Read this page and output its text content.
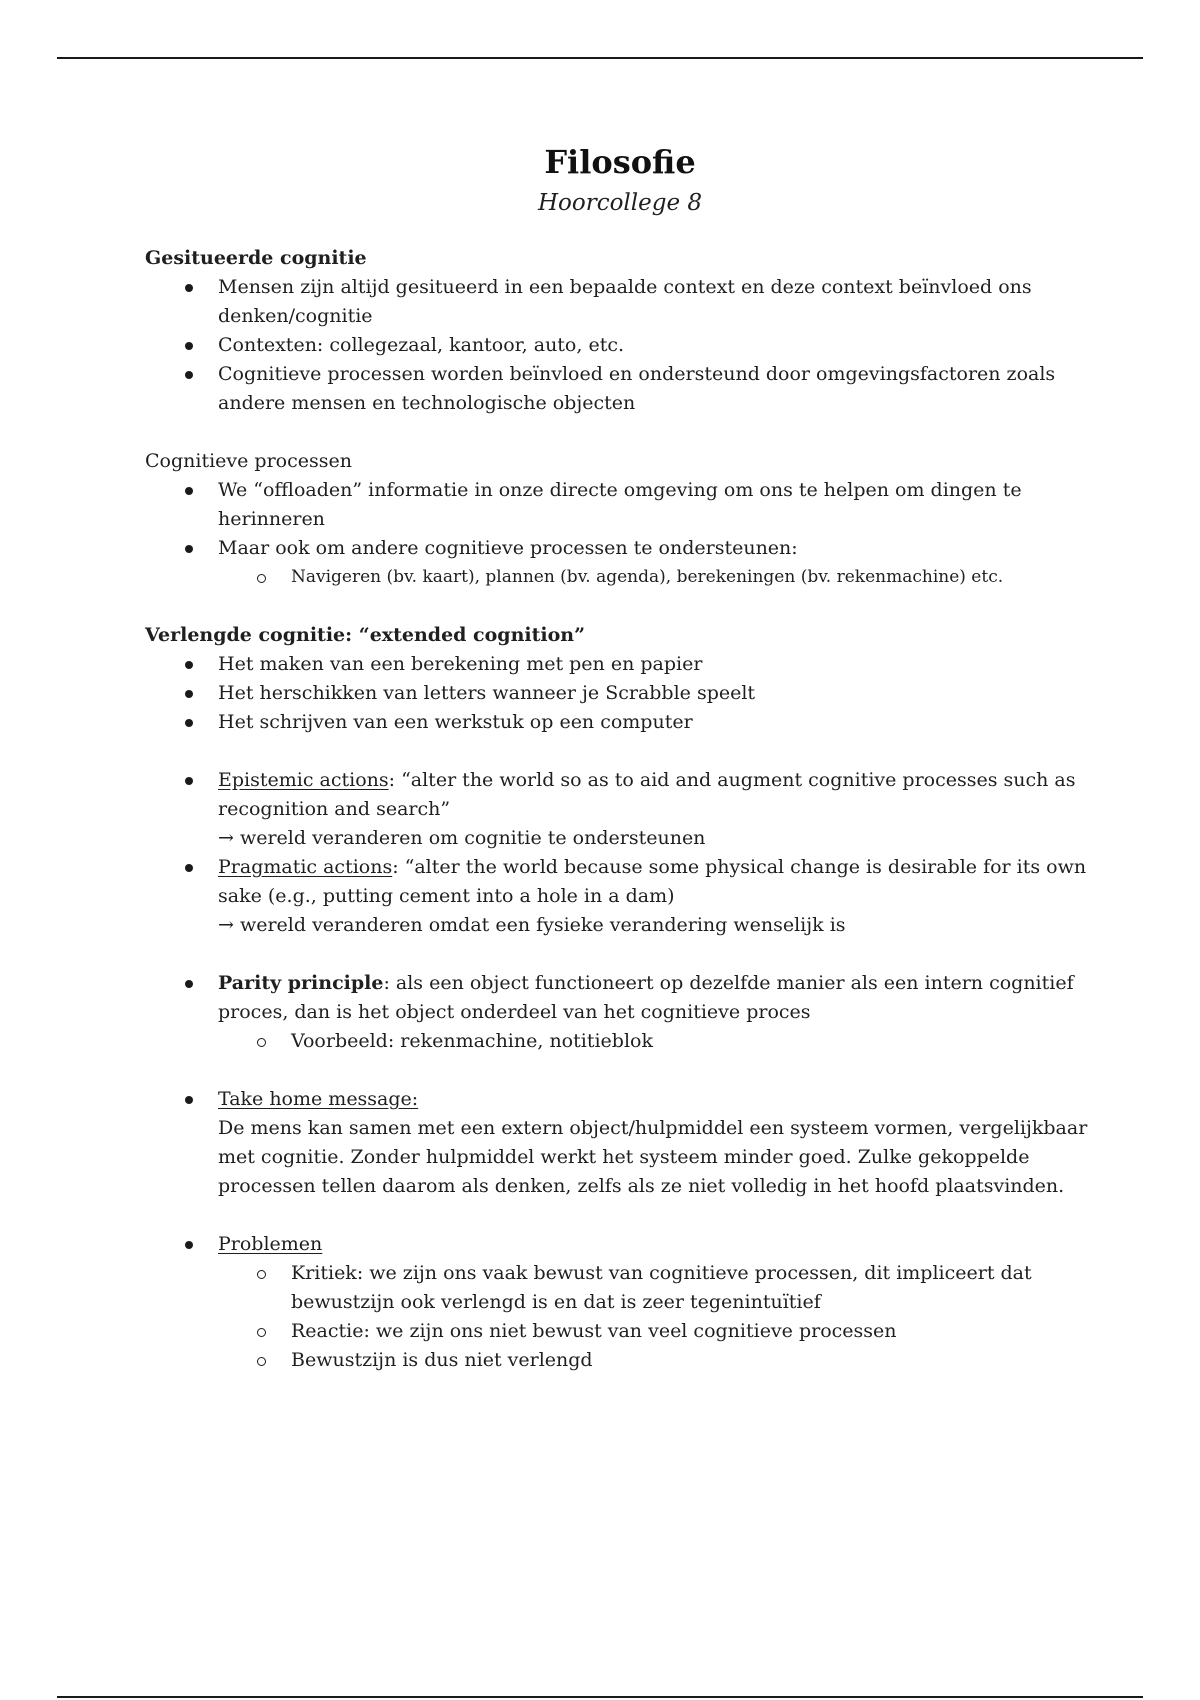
Filosofie

Hoorcollege 8

Gesitueerde cognitie

Mensen zijn altijd gesitueerd in een bepaalde context en deze context beïnvloed ons denken/cognitie
Contexten: collegezaal, kantoor, auto, etc.
Cognitieve processen worden beïnvloed en ondersteund door omgevingsfactoren zoals andere mensen en technologische objecten

Cognitieve processen

We “offloaden” informatie in onze directe omgeving om ons te helpen om dingen te herinneren
Maar ook om andere cognitieve processen te ondersteunen:
Navigeren (bv. kaart), plannen (bv. agenda), berekeningen (bv. rekenmachine) etc.

Verlengde cognitie: “extended cognition”

Het maken van een berekening met pen en papier
Het herschikken van letters wanneer je Scrabble speelt
Het schrijven van een werkstuk op een computer
Epistemic actions: “alter the world so as to aid and augment cognitive processes such as recognition and search”
→ wereld veranderen om cognitie te ondersteunen
Pragmatic actions: “alter the world because some physical change is desirable for its own sake (e.g., putting cement into a hole in a dam)
→ wereld veranderen omdat een fysieke verandering wenselijk is
Parity principle: als een object functioneert op dezelfde manier als een intern cognitief proces, dan is het object onderdeel van het cognitieve proces
Voorbeeld: rekenmachine, notitieblok
Take home message:
De mens kan samen met een extern object/hulpmiddel een systeem vormen, vergelijkbaar met cognitie. Zonder hulpmiddel werkt het systeem minder goed. Zulke gekoppelde processen tellen daarom als denken, zelfs als ze niet volledig in het hoofd plaatsvinden.
Problemen
Kritiek: we zijn ons vaak bewust van cognitieve processen, dit impliceert dat bewustzijn ook verlengd is en dat is zeer tegenintuïtief
Reactie: we zijn ons niet bewust van veel cognitieve processen
Bewustzijn is dus niet verlengd
